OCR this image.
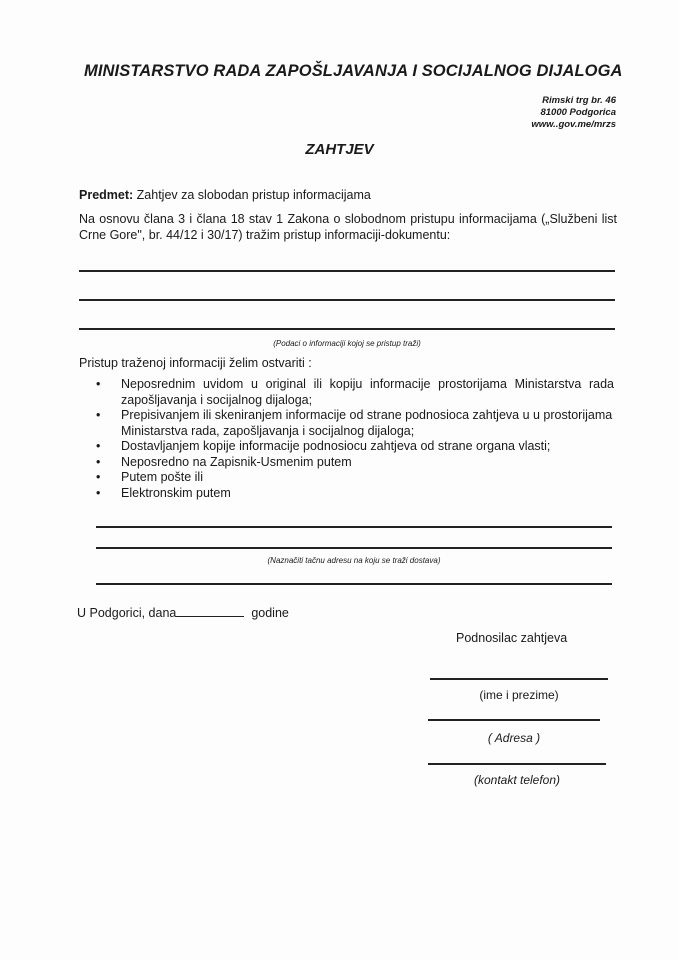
MINISTARSTVO RADA ZAPOŠLJAVANJA I SOCIJALNOG DIJALOGA
Rimski trg br. 46
81000 Podgorica
www..gov.me/mrzs
ZAHTJEV
Predmet: Zahtjev za slobodan pristup informacijama
Na osnovu člana 3 i člana 18 stav 1 Zakona o slobodnom pristupu informacijama („Službeni list Crne Gore", br. 44/12 i 30/17) tražim pristup informaciji-dokumentu:
(Podaci o informaciji kojoj se pristup traži)
Pristup traženoj informaciji želim ostvariti :
• Neposrednim uvidom u original ili kopiju informacije prostorijama Ministarstva rada zapošljavanja i socijalnog dijaloga;
• Prepisivanjem ili skeniranjem informacije od strane podnosioca zahtjeva u u prostorijama Ministarstva rada, zapošljavanja i socijalnog dijaloga;
• Dostavljanjem kopije informacije podnosiocu zahtjeva od strane organa vlasti;
• Neposredno na Zapisnik-Usmenim putem
• Putem pošte ili
• Elektronskim putem
(Naznačiti tačnu adresu na koju se traži dostava)
U Podgorici, dana	godine
Podnosilac zahtjeva
(ime i prezime)
( Adresa )
(kontakt telefon)
